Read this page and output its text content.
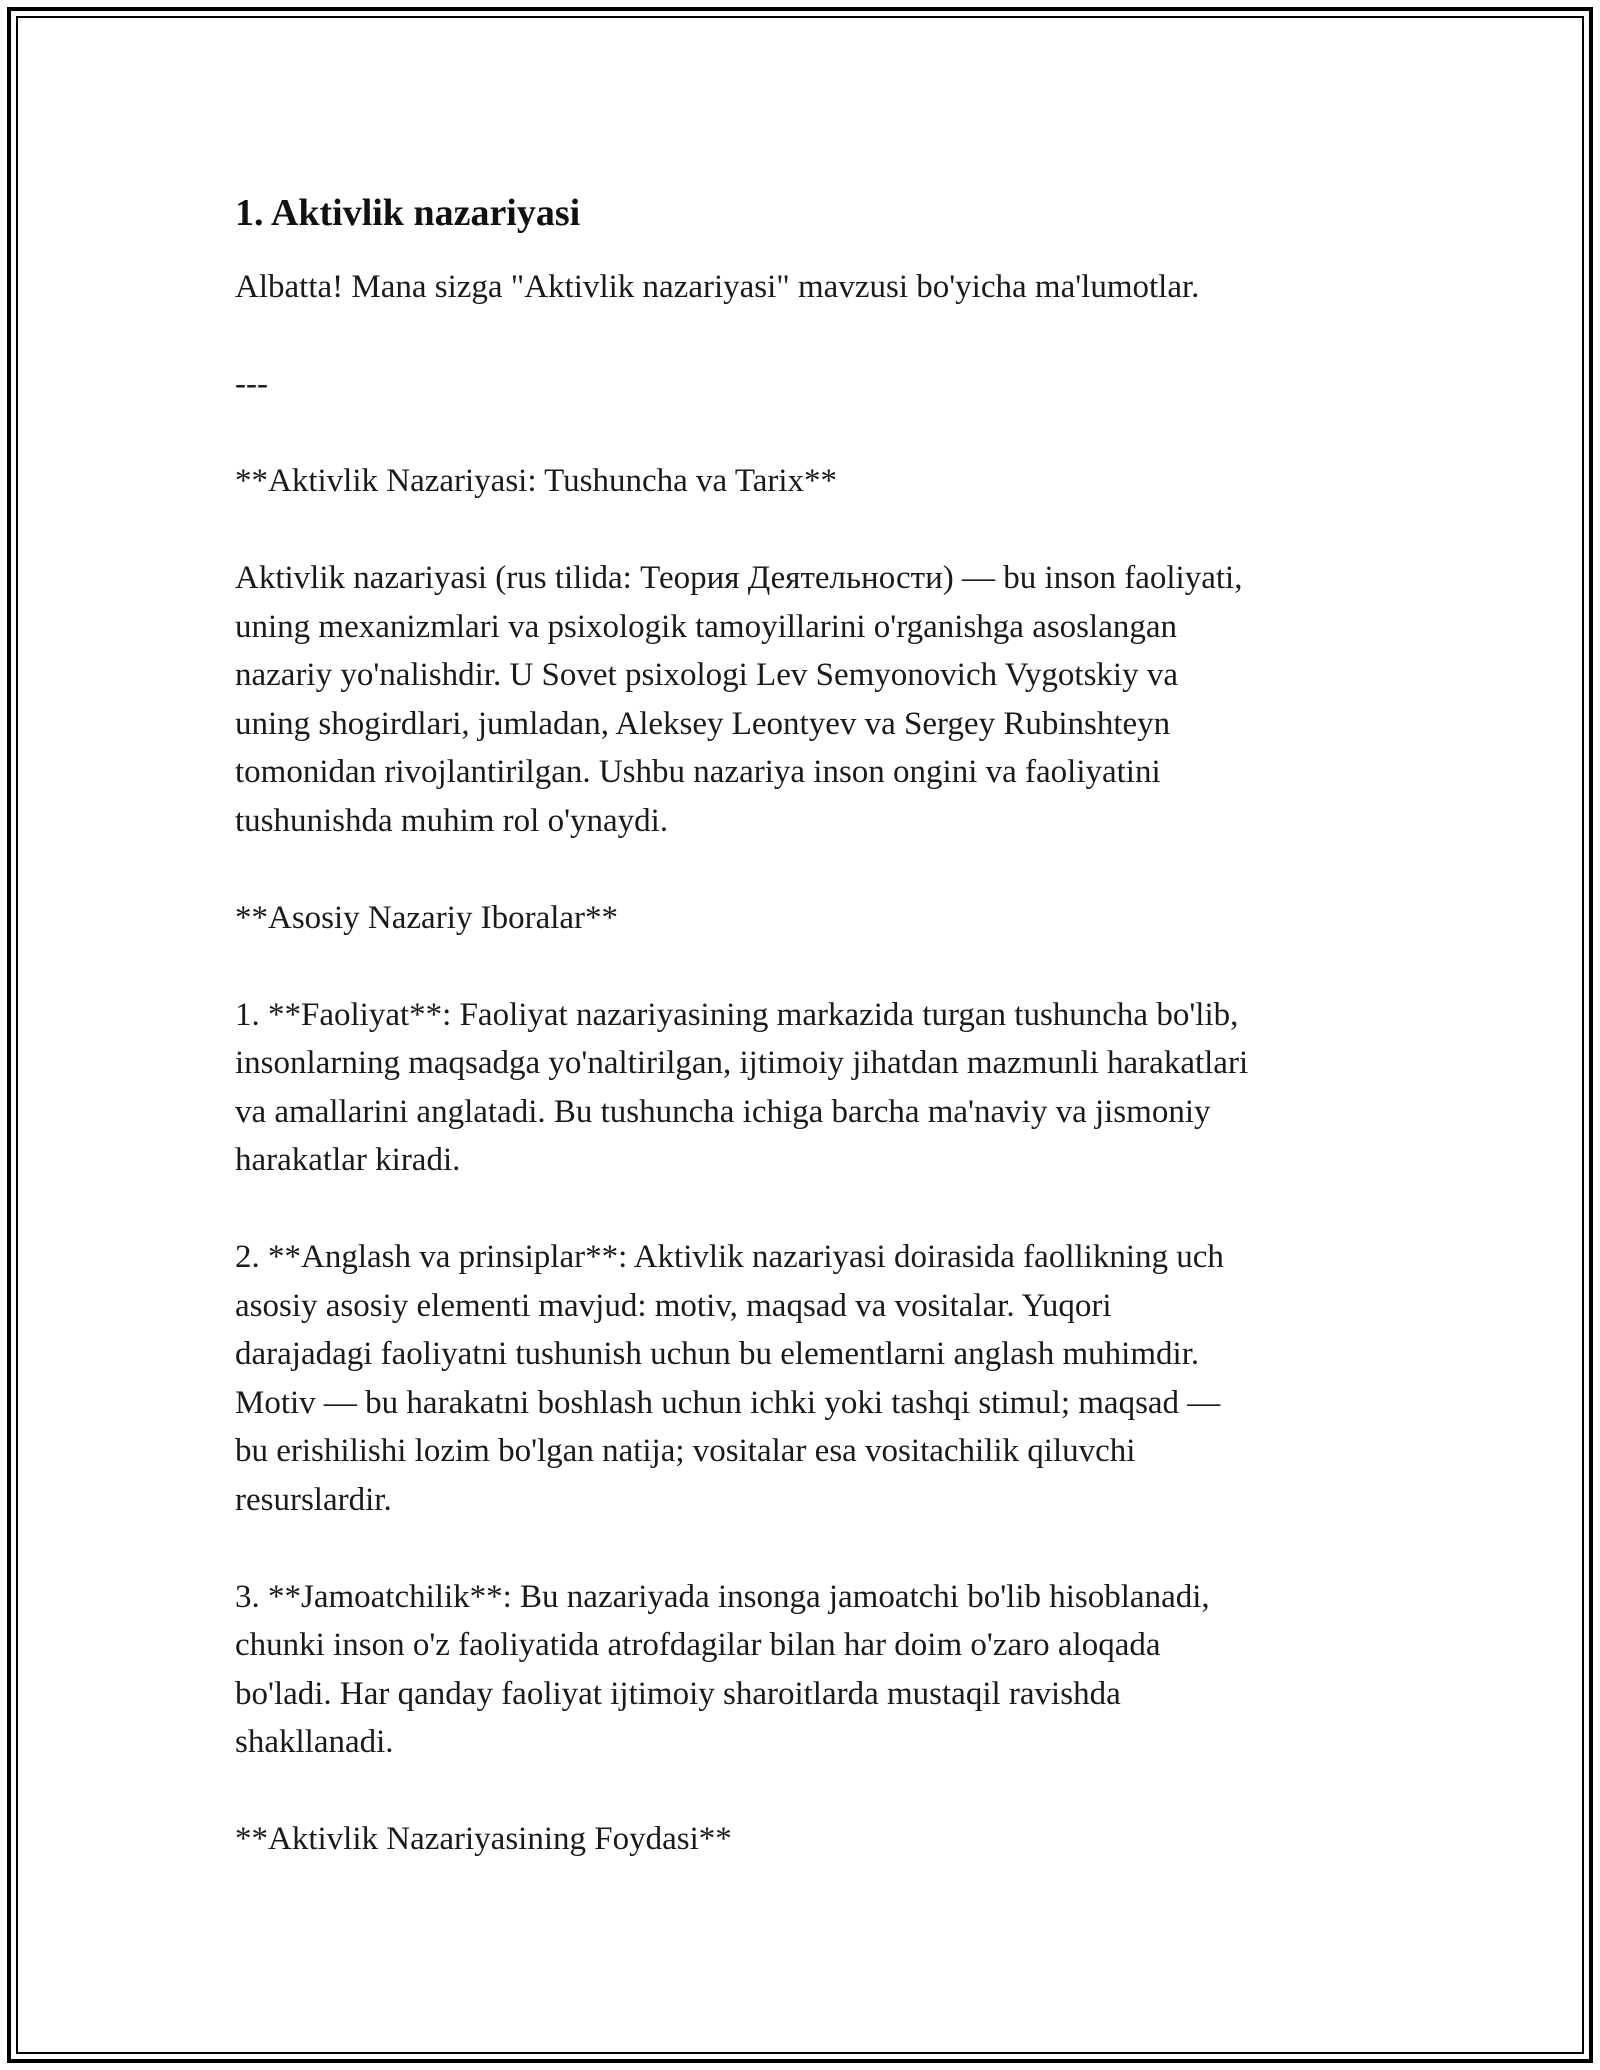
1. Aktivlik nazariyasi

Albatta! Mana sizga "Aktivlik nazariyasi" mavzusi bo'yicha ma'lumotlar.

---

**Aktivlik Nazariyasi: Tushuncha va Tarix**

Aktivlik nazariyasi (rus tilida: Теория Деятельности) — bu inson faoliyati,
uning mexanizmlari va psixologik tamoyillarini o'rganishga asoslangan
nazariy yo'nalishdir. U Sovet psixologi Lev Semyonovich Vygotskiy va
uning shogirdlari, jumladan, Aleksey Leontyev va Sergey Rubinshteyn
tomonidan rivojlantirilgan. Ushbu nazariya inson ongini va faoliyatini
tushunishda muhim rol o'ynaydi.

**Asosiy Nazariy Iboralar**

1. **Faoliyat**: Faoliyat nazariyasining markazida turgan tushuncha bo'lib,
insonlarning maqsadga yo'naltirilgan, ijtimoiy jihatdan mazmunli harakatlari
va amallarini anglatadi. Bu tushuncha ichiga barcha ma'naviy va jismoniy
harakatlar kiradi.

2. **Anglash va prinsiplar**: Aktivlik nazariyasi doirasida faollikning uch
asosiy asosiy elementi mavjud: motiv, maqsad va vositalar. Yuqori
darajadagi faoliyatni tushunish uchun bu elementlarni anglash muhimdir.
Motiv — bu harakatni boshlash uchun ichki yoki tashqi stimul; maqsad —
bu erishilishi lozim bo'lgan natija; vositalar esa vositachilik qiluvchi
resurslardir.

3. **Jamoatchilik**: Bu nazariyada insonga jamoatchi bo'lib hisoblanadi,
chunki inson o'z faoliyatida atrofdagilar bilan har doim o'zaro aloqada
bo'ladi. Har qanday faoliyat ijtimoiy sharoitlarda mustaqil ravishda
shakllanadi.

**Aktivlik Nazariyasining Foydasi**
